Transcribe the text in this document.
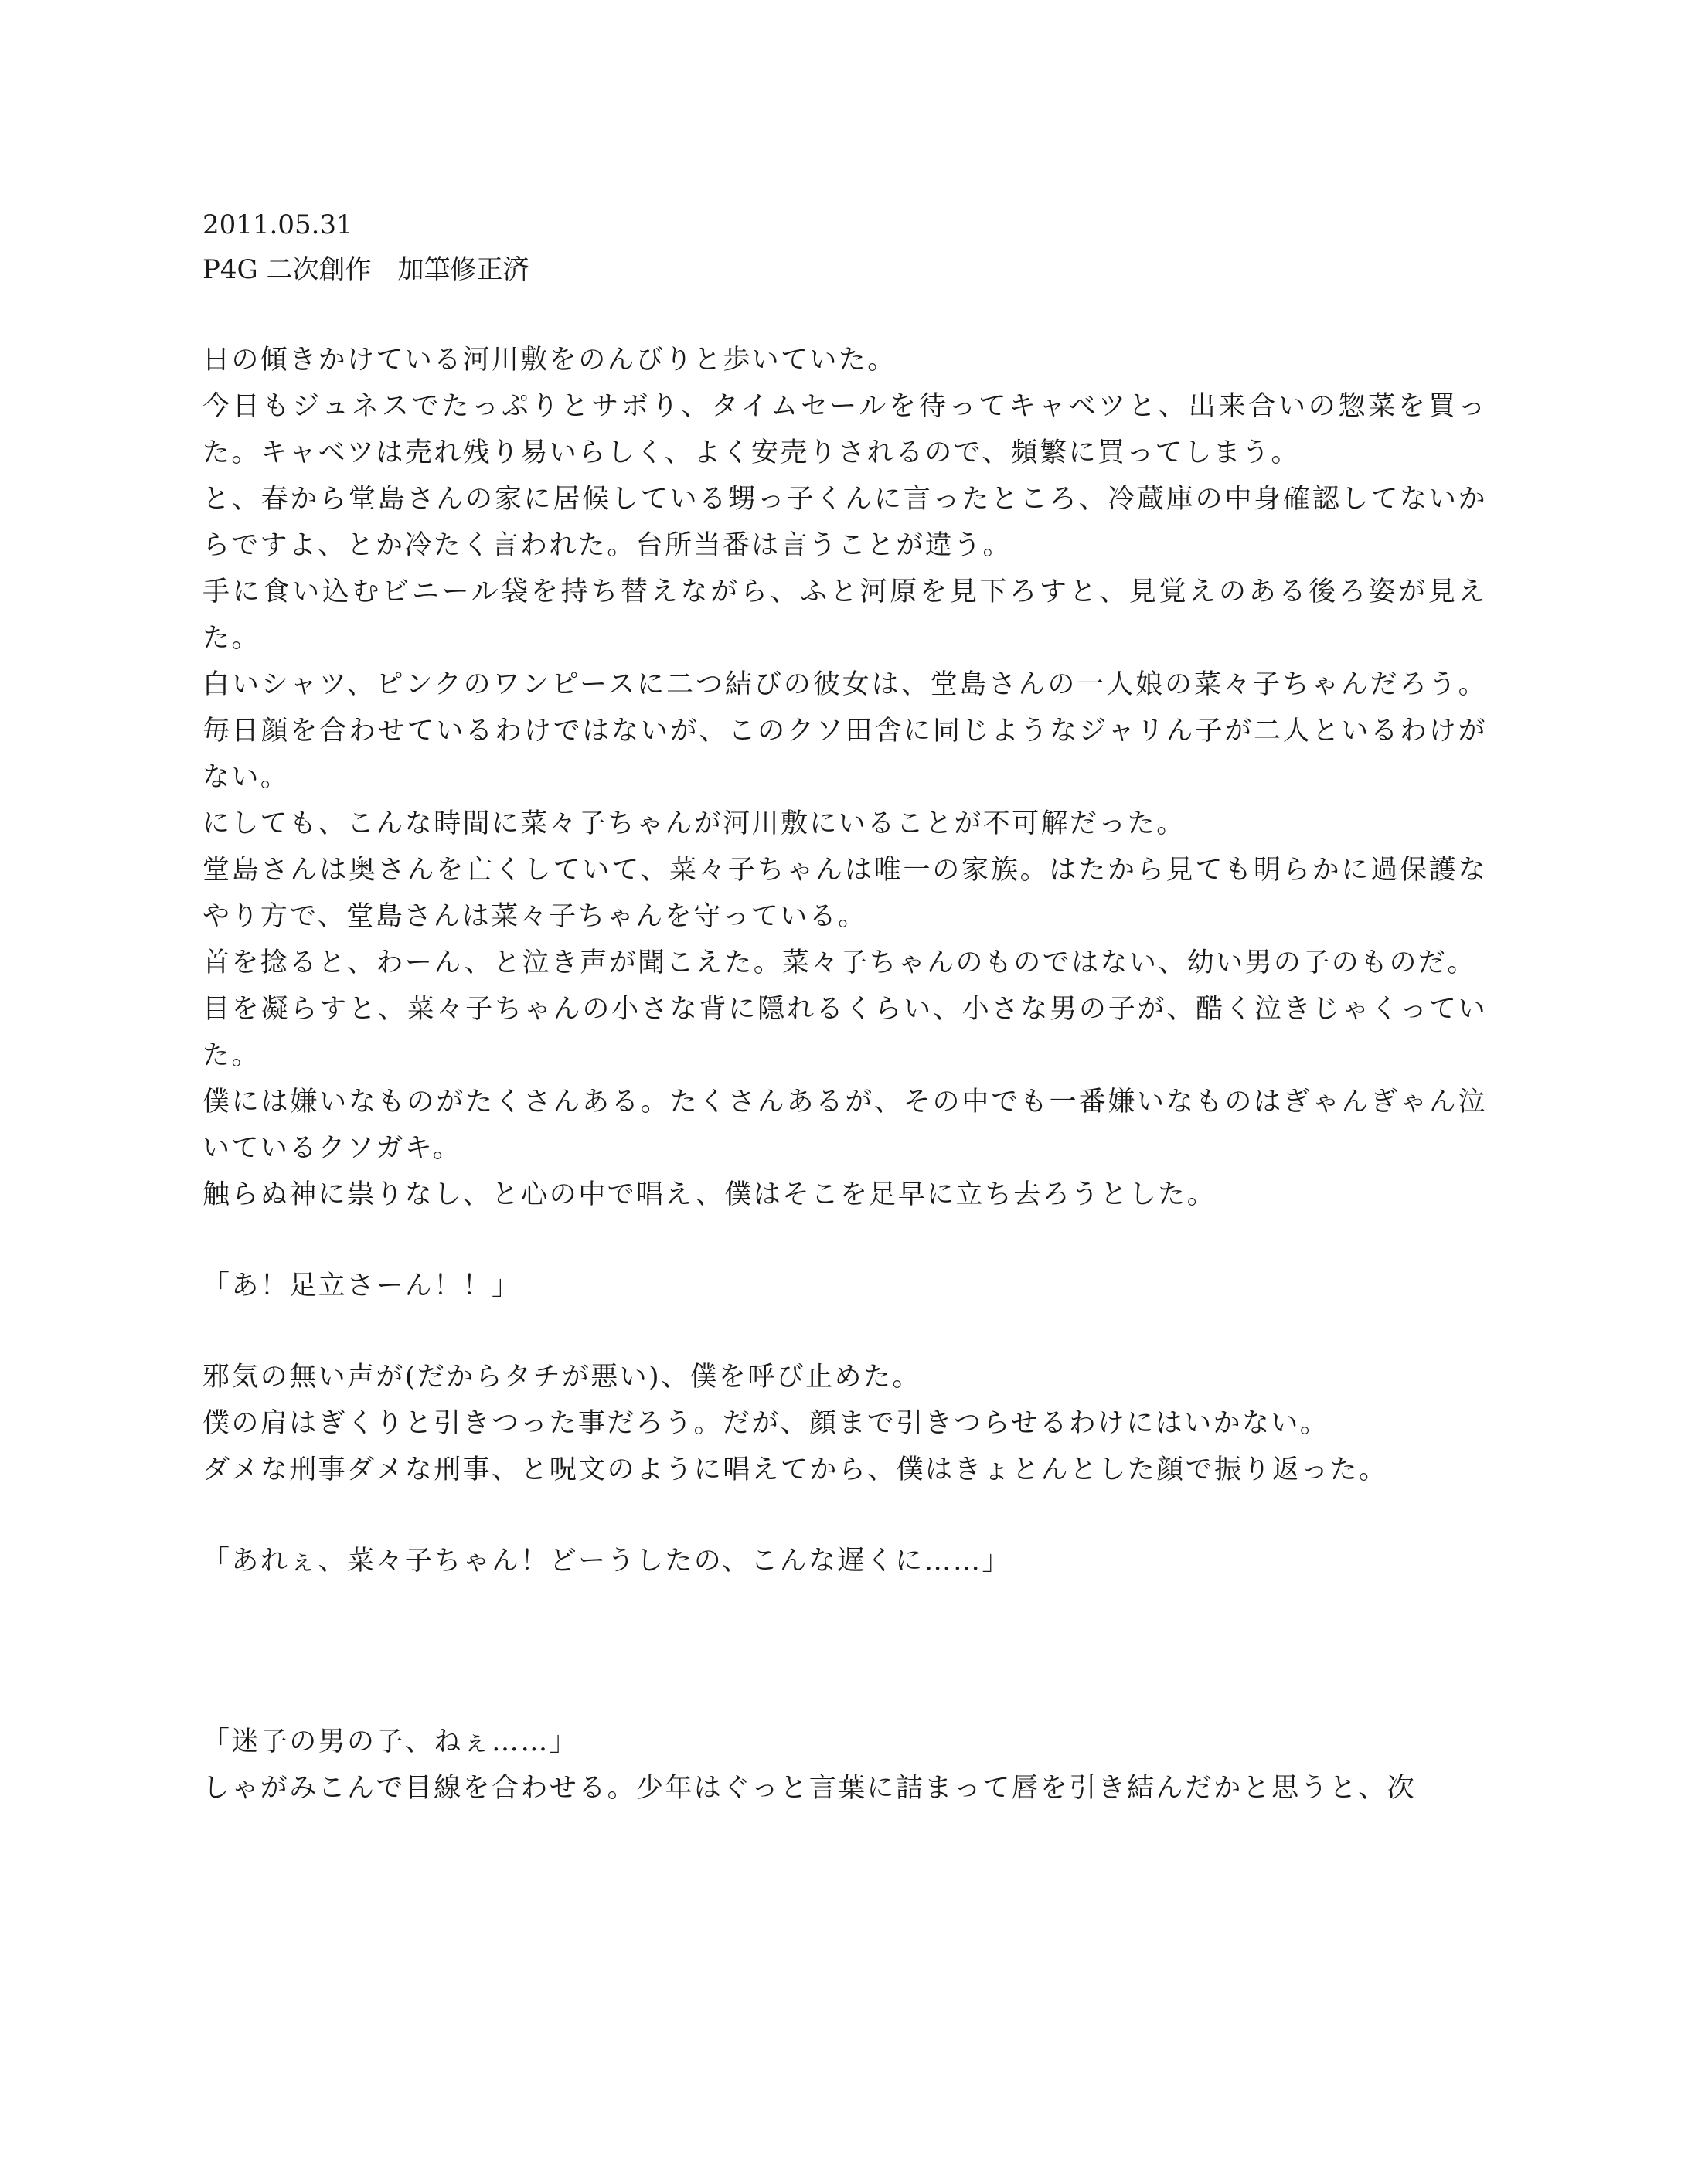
2011.05.31
P4G 二次創作　加筆修正済

日の傾きかけている河川敷をのんびりと歩いていた。

今日もジュネスでたっぷりとサボり、タイムセールを待ってキャベツと、出来合いの惣菜を買った。キャベツは売れ残り易いらしく、よく安売りされるので、頻繁に買ってしまう。

と、春から堂島さんの家に居候している甥っ子くんに言ったところ、冷蔵庫の中身確認してないからですよ、とか冷たく言われた。台所当番は言うことが違う。

手に食い込むビニール袋を持ち替えながら、ふと河原を見下ろすと、見覚えのある後ろ姿が見えた。

白いシャツ、ピンクのワンピースに二つ結びの彼女は、堂島さんの一人娘の菜々子ちゃんだろう。毎日顔を合わせているわけではないが、このクソ田舎に同じようなジャリん子が二人といるわけがない。

にしても、こんな時間に菜々子ちゃんが河川敷にいることが不可解だった。

堂島さんは奥さんを亡くしていて、菜々子ちゃんは唯一の家族。はたから見ても明らかに過保護なやり方で、堂島さんは菜々子ちゃんを守っている。

首を捻ると、わーん、と泣き声が聞こえた。菜々子ちゃんのものではない、幼い男の子のものだ。

目を凝らすと、菜々子ちゃんの小さな背に隠れるくらい、小さな男の子が、酷く泣きじゃくっていた。

僕には嫌いなものがたくさんある。たくさんあるが、その中でも一番嫌いなものはぎゃんぎゃん泣いているクソガキ。

触らぬ神に祟りなし、と心の中で唱え、僕はそこを足早に立ち去ろうとした。

「あ！足立さーん！！」

邪気の無い声が(だからタチが悪い)、僕を呼び止めた。

僕の肩はぎくりと引きつった事だろう。だが、顔まで引きつらせるわけにはいかない。

ダメな刑事ダメな刑事、と呪文のように唱えてから、僕はきょとんとした顔で振り返った。

「あれぇ、菜々子ちゃん！どーうしたの、こんな遅くに……」

「迷子の男の子、ねぇ……」

しゃがみこんで目線を合わせる。少年はぐっと言葉に詰まって唇を引き結んだかと思うと、次
